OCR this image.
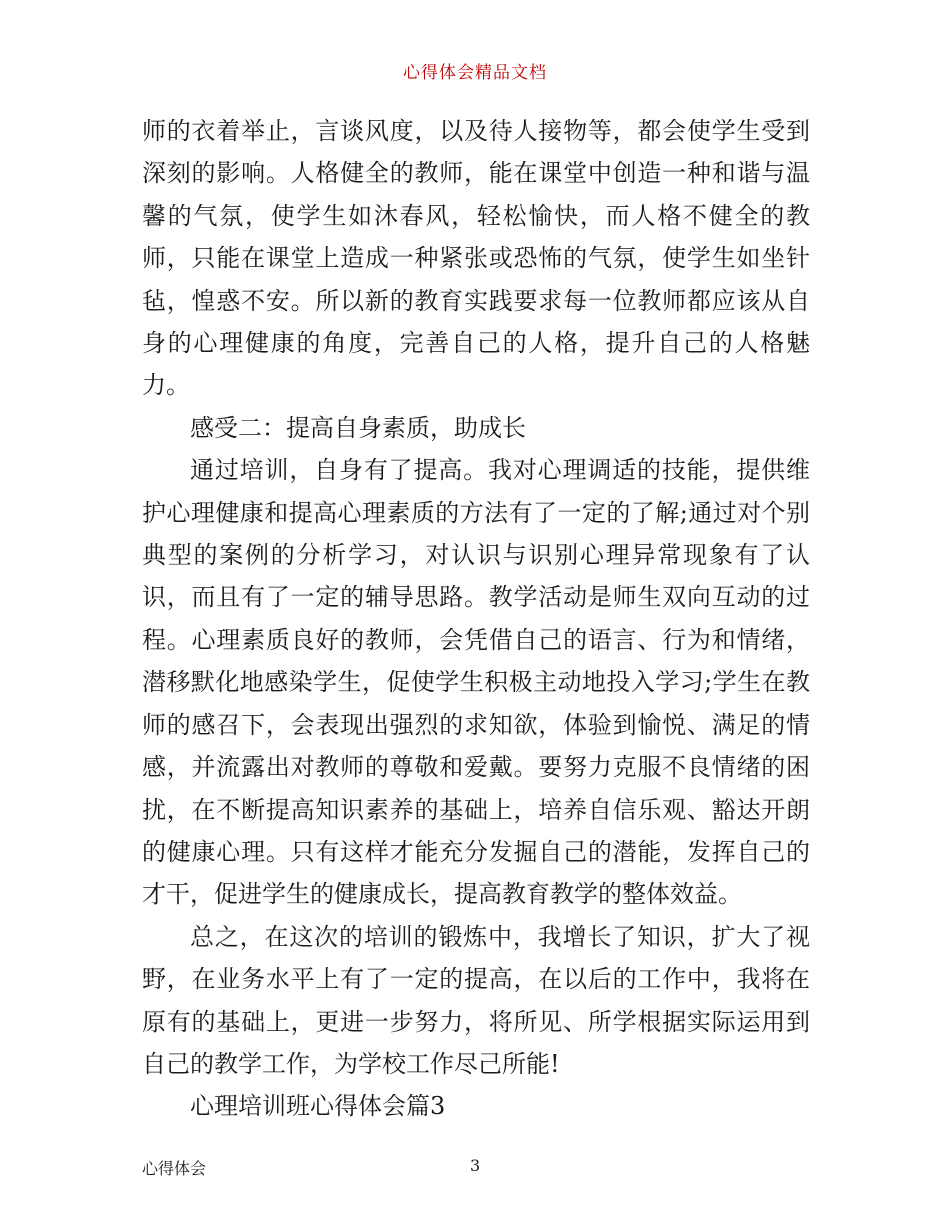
心得体会精品文档

师的衣着举止，言谈风度，以及待人接物等，都会使学生受到深刻的影响。人格健全的教师，能在课堂中创造一种和谐与温馨的气氛，使学生如沐春风，轻松愉快，而人格不健全的教师，只能在课堂上造成一种紧张或恐怖的气氛，使学生如坐针毡，惶惑不安。所以新的教育实践要求每一位教师都应该从自身的心理健康的角度，完善自己的人格，提升自己的人格魅力。

感受二：提高自身素质，助成长

通过培训，自身有了提高。我对心理调适的技能，提供维护心理健康和提高心理素质的方法有了一定的了解;通过对个别典型的案例的分析学习，对认识与识别心理异常现象有了认识，而且有了一定的辅导思路。教学活动是师生双向互动的过程。心理素质良好的教师，会凭借自己的语言、行为和情绪，潜移默化地感染学生，促使学生积极主动地投入学习;学生在教师的感召下，会表现出强烈的求知欲，体验到愉悦、满足的情感，并流露出对教师的尊敬和爱戴。要努力克服不良情绪的困扰，在不断提高知识素养的基础上，培养自信乐观、豁达开朗的健康心理。只有这样才能充分发掘自己的潜能，发挥自己的才干，促进学生的健康成长，提高教育教学的整体效益。

总之，在这次的培训的锻炼中，我增长了知识，扩大了视野，在业务水平上有了一定的提高，在以后的工作中，我将在原有的基础上，更进一步努力，将所见、所学根据实际运用到自己的教学工作，为学校工作尽己所能!

心理培训班心得体会篇3

心得体会	3
